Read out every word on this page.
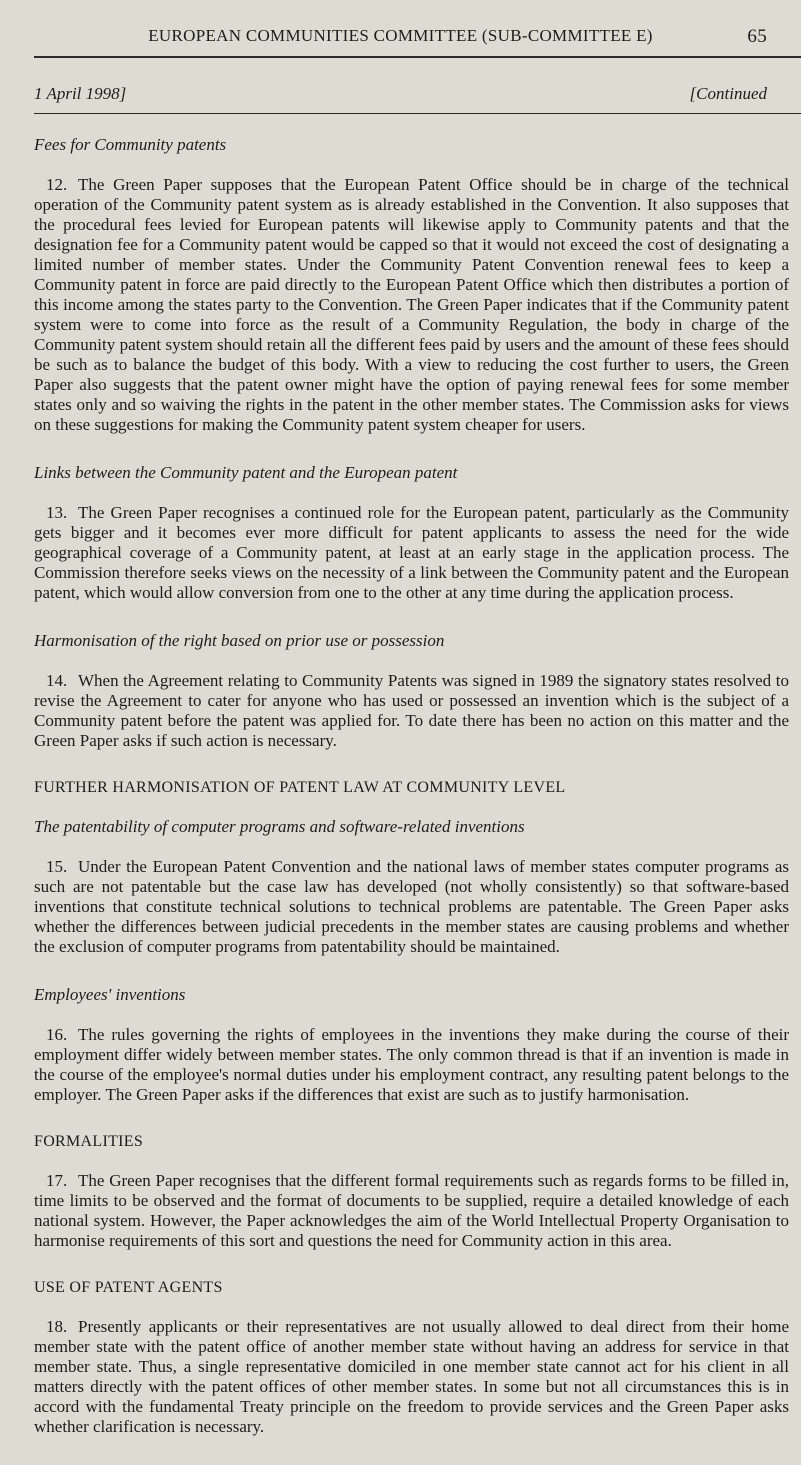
EUROPEAN COMMUNITIES COMMITTEE (SUB-COMMITTEE E)	65
1 April 1998]	[Continued
Fees for Community patents

12. The Green Paper supposes that the European Patent Office should be in charge of the technical operation of the Community patent system as is already established in the Convention. It also supposes that the procedural fees levied for European patents will likewise apply to Community patents and that the designation fee for a Community patent would be capped so that it would not exceed the cost of designating a limited number of member states. Under the Community Patent Convention renewal fees to keep a Community patent in force are paid directly to the European Patent Office which then distributes a portion of this income among the states party to the Convention. The Green Paper indicates that if the Community patent system were to come into force as the result of a Community Regulation, the body in charge of the Community patent system should retain all the different fees paid by users and the amount of these fees should be such as to balance the budget of this body. With a view to reducing the cost further to users, the Green Paper also suggests that the patent owner might have the option of paying renewal fees for some member states only and so waiving the rights in the patent in the other member states. The Commission asks for views on these suggestions for making the Community patent system cheaper for users.

Links between the Community patent and the European patent

13. The Green Paper recognises a continued role for the European patent, particularly as the Community gets bigger and it becomes ever more difficult for patent applicants to assess the need for the wide geographical coverage of a Community patent, at least at an early stage in the application process. The Commission therefore seeks views on the necessity of a link between the Community patent and the European patent, which would allow conversion from one to the other at any time during the application process.

Harmonisation of the right based on prior use or possession

14. When the Agreement relating to Community Patents was signed in 1989 the signatory states resolved to revise the Agreement to cater for anyone who has used or possessed an invention which is the subject of a Community patent before the patent was applied for. To date there has been no action on this matter and the Green Paper asks if such action is necessary.

FURTHER HARMONISATION OF PATENT LAW AT COMMUNITY LEVEL
The patentability of computer programs and software-related inventions

15. Under the European Patent Convention and the national laws of member states computer programs as such are not patentable but the case law has developed (not wholly consistently) so that software-based inventions that constitute technical solutions to technical problems are patentable. The Green Paper asks whether the differences between judicial precedents in the member states are causing problems and whether the exclusion of computer programs from patentability should be maintained.

Employees' inventions

16. The rules governing the rights of employees in the inventions they make during the course of their employment differ widely between member states. The only common thread is that if an invention is made in the course of the employee's normal duties under his employment contract, any resulting patent belongs to the employer. The Green Paper asks if the differences that exist are such as to justify harmonisation.

FORMALITIES

17. The Green Paper recognises that the different formal requirements such as regards forms to be filled in, time limits to be observed and the format of documents to be supplied, require a detailed knowledge of each national system. However, the Paper acknowledges the aim of the World Intellectual Property Organisation to harmonise requirements of this sort and questions the need for Community action in this area.

USE OF PATENT AGENTS

18. Presently applicants or their representatives are not usually allowed to deal direct from their home member state with the patent office of another member state without having an address for service in that member state. Thus, a single representative domiciled in one member state cannot act for his client in all matters directly with the patent offices of other member states. In some but not all circumstances this is in accord with the fundamental Treaty principle on the freedom to provide services and the Green Paper asks whether clarification is necessary.
